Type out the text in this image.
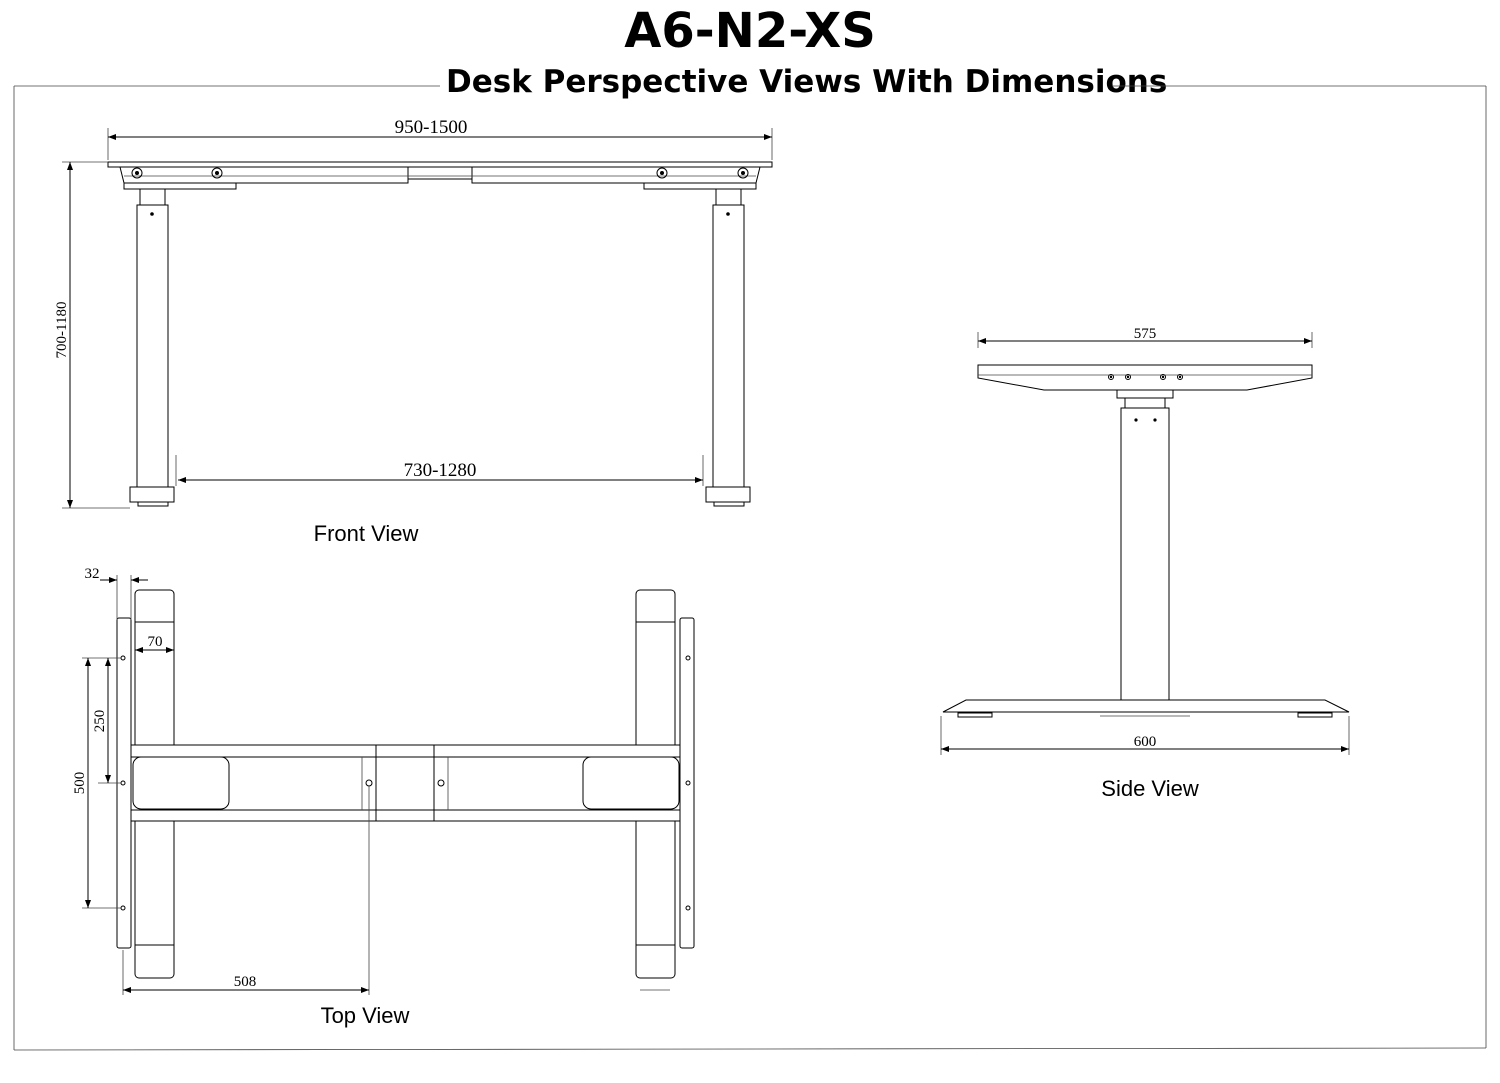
A6-N2-XS
Desk Perspective Views With Dimensions
950-1500
700-1180
730-1280
Front View
32
70
250
500
508
Top View
575
600
Side View
